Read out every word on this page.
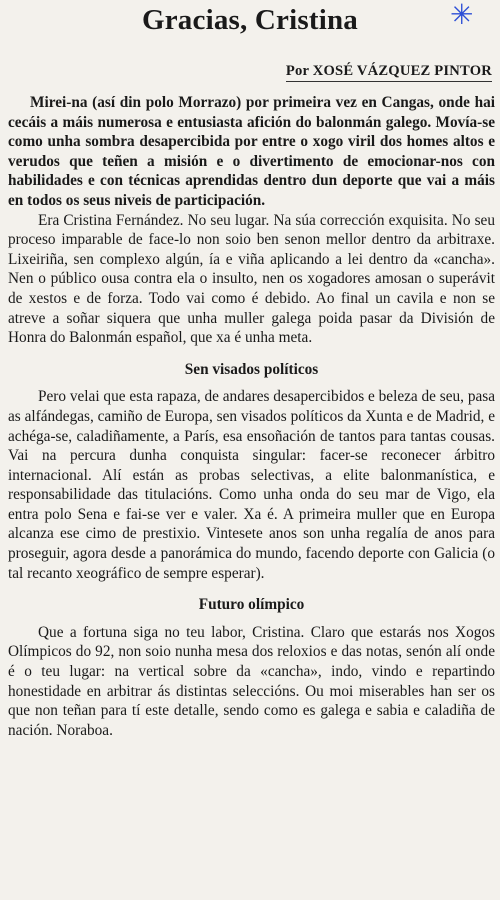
Gracias, Cristina	✳
Por XOSÉ VÁZQUEZ PINTOR

Mirei-na (así din polo Morrazo) por primeira vez en Cangas, onde hai cecáis a máis numerosa e entusiasta afición do balonmán galego. Movía-se como unha sombra desapercibida por entre o xogo viril dos homes altos e verudos que teñen a misión e o divertimento de emocionar-nos con habilidades e con técnicas aprendidas dentro dun deporte que vai a máis en todos os seus niveis de participación.

Era Cristina Fernández. No seu lugar. Na súa corrección exquisita. No seu proceso imparable de face-lo non soio ben senon mellor dentro da arbitraxe. Lixeiriña, sen complexo algún, ía e viña aplicando a lei dentro da «cancha». Nen o público ousa contra ela o insulto, nen os xogadores amosan o superávit de xestos e de forza. Todo vai como é debido. Ao final un cavila e non se atreve a soñar siquera que unha muller galega poida pasar da División de Honra do Balonmán español, que xa é unha meta.

Sen visados políticos

Pero velai que esta rapaza, de andares desapercibidos e beleza de seu, pasa as alfándegas, camiño de Europa, sen visados políticos da Xunta e de Madrid, e achéga-se, caladiñamente, a París, esa ensoñación de tantos para tantas cousas. Vai na percura dunha conquista singular: facer-se reconecer árbitro internacional. Alí están as probas selectivas, a elite balonmanística, e responsabilidade das titulacións. Como unha onda do seu mar de Vigo, ela entra polo Sena e fai-se ver e valer. Xa é. A primeira muller que en Europa alcanza ese cimo de prestixio. Vintesete anos son unha regalía de anos para proseguir, agora desde a panorámica do mundo, facendo deporte con Galicia (o tal recanto xeográfico de sempre esperar).

Futuro olímpico

Que a fortuna siga no teu labor, Cristina. Claro que estarás nos Xogos Olímpicos do 92, non soio nunha mesa dos reloxios e das notas, senón alí onde é o teu lugar: na vertical sobre da «cancha», indo, vindo e repartindo honestidade en arbitrar ás distintas seleccións. Ou moi miserables han ser os que non teñan para tí este detalle, sendo como es galega e sabia e caladiña de nación. Noraboa.
